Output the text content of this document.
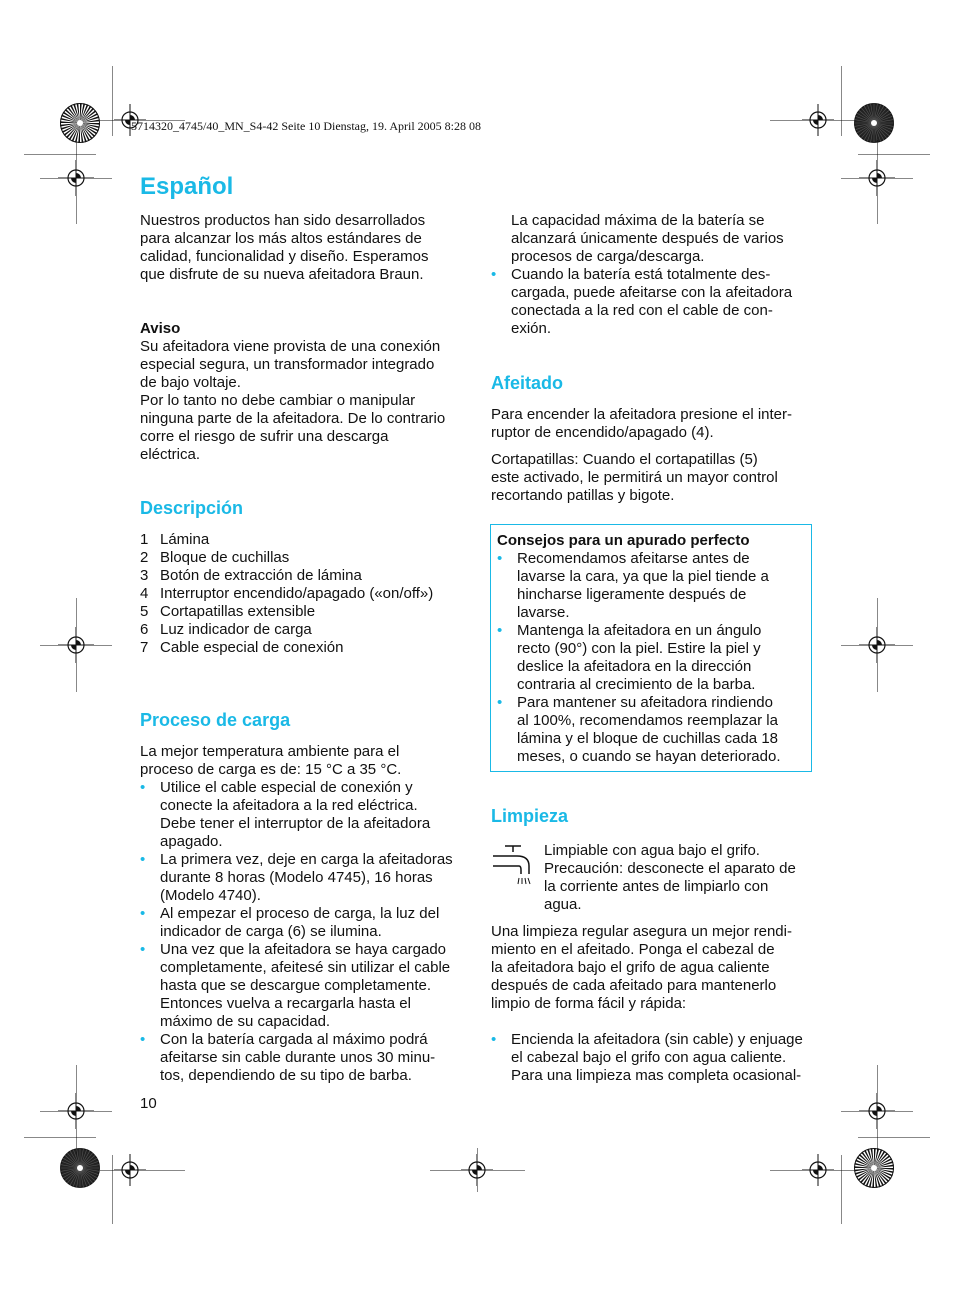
5714320_4745/40_MN_S4-42 Seite 10 Dienstag, 19. April 2005 8:28 08
Español

Nuestros productos han sido desarrollados

para alcanzar los más altos estándares de

calidad, funcionalidad y diseño. Esperamos

que disfrute de su nueva afeitadora Braun.

Aviso

Su afeitadora viene provista de una conexión

especial segura, un transformador integrado

de bajo voltaje.

Por lo tanto no debe cambiar o manipular

ninguna parte de la afeitadora. De lo contrario

corre el riesgo de sufrir una descarga

eléctrica.

Descripción
1 Lámina
2 Bloque de cuchillas
3 Botón de extracción de lámina
4 Interruptor encendido/apagado («on/off»)
5 Cortapatillas extensible
6 Luz indicador de carga
7 Cable especial de conexión
Proceso de carga

La mejor temperatura ambiente para el

proceso de carga es de: 15 °C a 35 °C.

• Utilice el cable especial de conexión y

conecte la afeitadora a la red eléctrica.

Debe tener el interruptor de la afeitadora

apagado.

• La primera vez, deje en carga la afeitadoras

durante 8 horas (Modelo 4745), 16 horas

(Modelo 4740).

• Al empezar el proceso de carga, la luz del

indicador de carga (6) se ilumina.

• Una vez que la afeitadora se haya cargado

completamente, afeitesé sin utilizar el cable

hasta que se descargue completamente.

Entonces vuelva a recargarla hasta el

máximo de su capacidad.

• Con la batería cargada al máximo podrá

afeitarse sin cable durante unos 30 minu-

tos, dependiendo de su tipo de barba.

La capacidad máxima de la batería se

alcanzará únicamente después de varios

procesos de carga/descarga.

• Cuando la batería está totalmente des-

cargada, puede afeitarse con la afeitadora

conectada a la red con el cable de con-

exión.

Afeitado

Para encender la afeitadora presione el inter-

ruptor de encendido/apagado (4).

Cortapatillas: Cuando el cortapatillas (5)

este activado, le permitirá un mayor control

recortando patillas y bigote.

Consejos para un apurado perfecto

• Recomendamos afeitarse antes de

lavarse la cara, ya que la piel tiende a

hincharse ligeramente después de

lavarse.

• Mantenga la afeitadora en un ángulo

recto (90°) con la piel. Estire la piel y

deslice la afeitadora en la dirección

contraria al crecimiento de la barba.

• Para mantener su afeitadora rindiendo

al 100%, recomendamos reemplazar la

lámina y el bloque de cuchillas cada 18

meses, o cuando se hayan deteriorado.

Limpieza

Limpiable con agua bajo el grifo.

Precaución: desconecte el aparato de

la corriente antes de limpiarlo con

agua.

Una limpieza regular asegura un mejor rendi-

miento en el afeitado. Ponga el cabezal de

la afeitadora bajo el grifo de agua caliente

después de cada afeitado para mantenerlo

limpio de forma fácil y rápida:

• Encienda la afeitadora (sin cable) y enjuage

el cabezal bajo el grifo con agua caliente.

Para una limpieza mas completa ocasional-

10
